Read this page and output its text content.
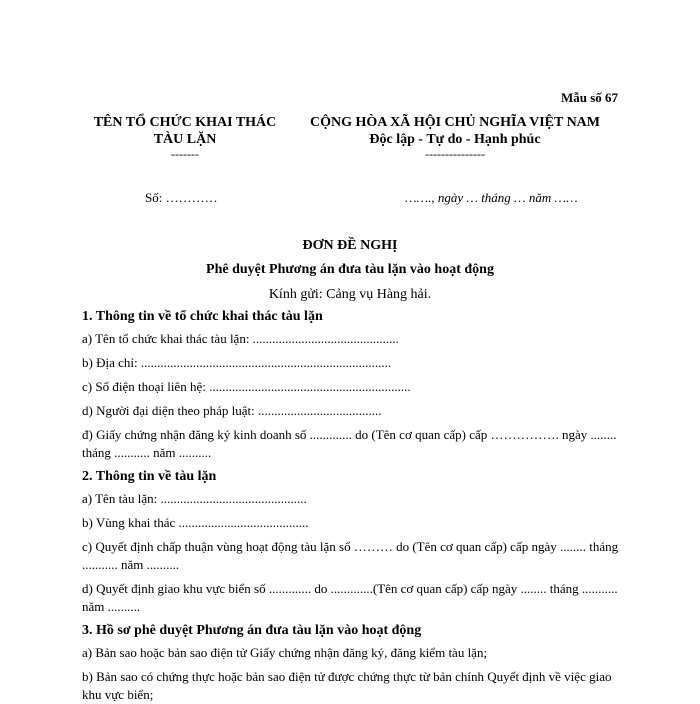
Mẫu số 67
TÊN TỔ CHỨC KHAI THÁC
TÀU LẶN
-------
CỘNG HÒA XÃ HỘI CHỦ NGHĨA VIỆT NAM
Độc lập - Tự do - Hạnh phúc
---------------
Số: …………	……., ngày … tháng … năm ……
ĐƠN ĐỀ NGHỊ
Phê duyệt Phương án đưa tàu lặn vào hoạt động
Kính gửi: Cảng vụ Hàng hải.
1. Thông tin về tổ chức khai thác tàu lặn
a) Tên tổ chức khai thác tàu lặn: .............................................
b) Địa chỉ: .............................................................................
c) Số điện thoại liên hệ: ..............................................................
d) Người đại diện theo pháp luật: ......................................
đ) Giấy chứng nhận đăng ký kinh doanh số ............. do (Tên cơ quan cấp) cấp ……………. ngày ........ tháng ........... năm ..........
2. Thông tin về tàu lặn
a) Tên tàu lặn: .............................................
b) Vùng khai thác ........................................
c) Quyết định chấp thuận vùng hoạt động tàu lặn số ……… do (Tên cơ quan cấp) cấp ngày ........ tháng ........... năm ..........
d) Quyết định giao khu vực biển số ............. do .............(Tên cơ quan cấp) cấp ngày ........ tháng ........... năm ..........
3. Hồ sơ phê duyệt Phương án đưa tàu lặn vào hoạt động
a) Bản sao hoặc bản sao điện tử Giấy chứng nhận đăng ký, đăng kiểm tàu lặn;
b) Bản sao có chứng thực hoặc bản sao điện tử được chứng thực từ bản chính Quyết định về việc giao khu vực biển;
